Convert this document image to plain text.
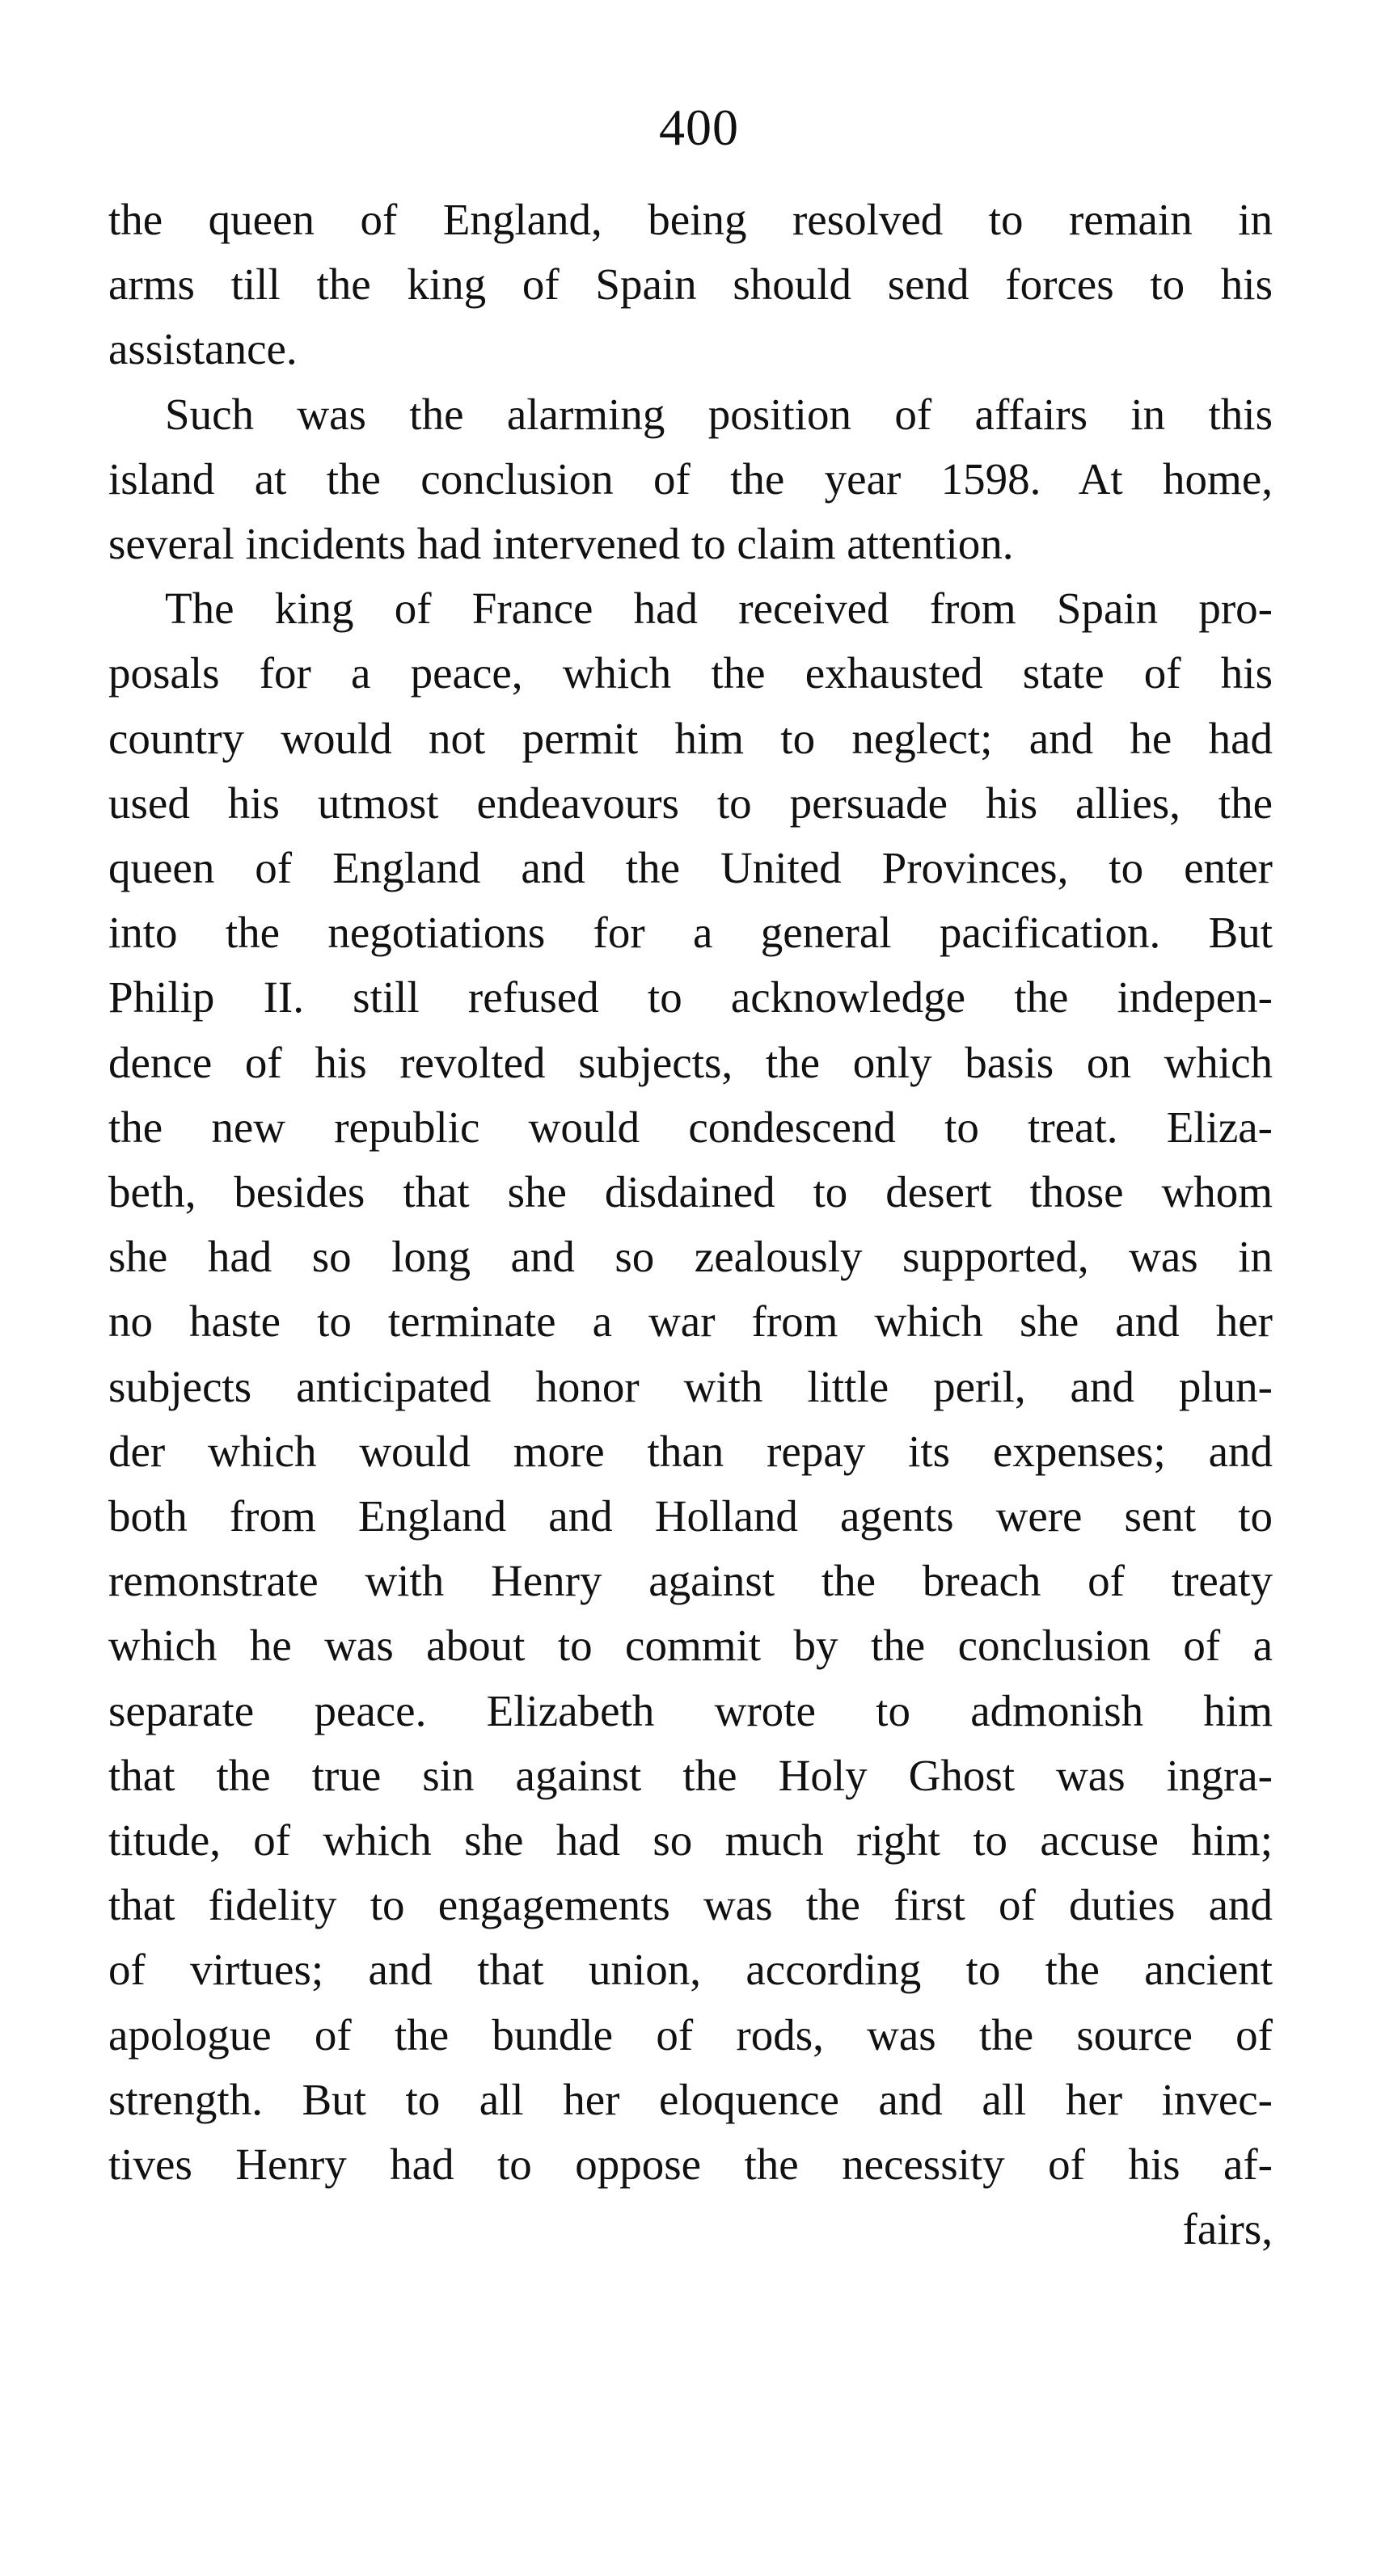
400
the queen of England, being resolved to remain in
arms till the king of Spain should send forces to his
assistance.
Such was the alarming position of affairs in this
island at the conclusion of the year 1598. At home,
several incidents had intervened to claim attention.
The king of France had received from Spain pro-
posals for a peace, which the exhausted state of his
country would not permit him to neglect; and he had
used his utmost endeavours to persuade his allies, the
queen of England and the United Provinces, to enter
into the negotiations for a general pacification. But
Philip II. still refused to acknowledge the indepen-
dence of his revolted subjects, the only basis on which
the new republic would condescend to treat. Eliza-
beth, besides that she disdained to desert those whom
she had so long and so zealously supported, was in
no haste to terminate a war from which she and her
subjects anticipated honor with little peril, and plun-
der which would more than repay its expenses; and
both from England and Holland agents were sent to
remonstrate with Henry against the breach of treaty
which he was about to commit by the conclusion of a
separate peace. Elizabeth wrote to admonish him
that the true sin against the Holy Ghost was ingra-
titude, of which she had so much right to accuse him;
that fidelity to engagements was the first of duties and
of virtues; and that union, according to the ancient
apologue of the bundle of rods, was the source of
strength. But to all her eloquence and all her invec-
tives Henry had to oppose the necessity of his af-
fairs,
